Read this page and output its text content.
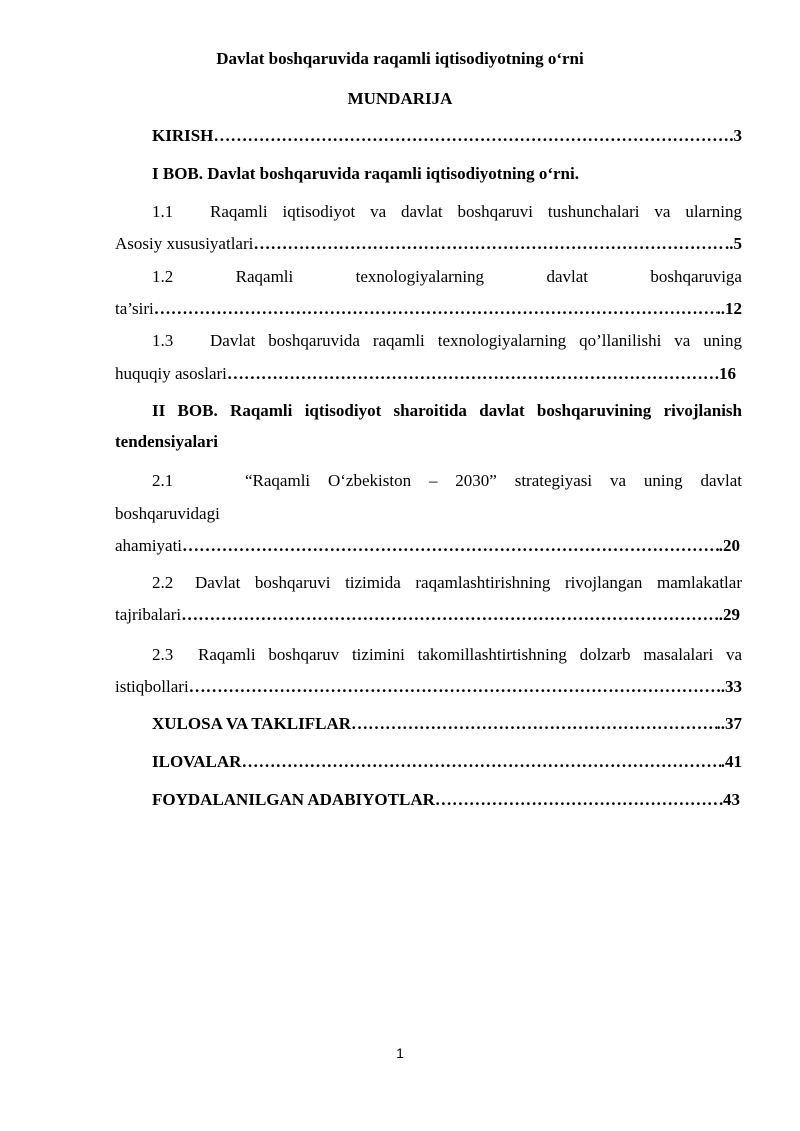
Davlat boshqaruvida raqamli iqtisodiyotning o‘rni
MUNDARIJA
KIRISH …………………………………………………………………………………………………………………………………………………	.3
I BOB. Davlat boshqaruvida raqamli iqtisodiyotning o‘rni.
1.1 Raqamli iqtisodiyot va davlat boshqaruvi tushunchalari va ularning
Asosiy xususiyatlari …………………………………………………………………………………………………………………………………………………	..5
1.2	Raqamli	texnologiyalarning	davlat	boshqaruviga
ta’siri …………………………………………………………………………………………………………………………………………………	..12
1.3 Davlat boshqaruvida raqamli texnologiyalarning qo’llanilishi va uning
huquqiy asoslari …………………………………………………………………………………………………………………………………………………	.16
II BOB. Raqamli iqtisodiyot sharoitida davlat boshqaruvining rivojlanish
tendensiyalari
2.1	“Raqamli O‘zbekiston – 2030” strategiyasi va uning davlat
boshqaruvidagi
ahamiyati …………………………………………………………………………………………………………………………………………………	.20
2.2 Davlat boshqaruvi tizimida raqamlashtirishning rivojlangan mamlakatlar
tajribalari …………………………………………………………………………………………………………………………………………………	.29
2.3 Raqamli boshqaruv tizimini takomillashtirtishning dolzarb masalalari va
istiqbollari …………………………………………………………………………………………………………………………………………………	..33
XULOSA VA TAKLIFLAR …………………………………………………………………………………………………………………………………………………	..37
ILOVALAR …………………………………………………………………………………………………………………………………………………	.41
FOYDALANILGAN ADABIYOTLAR …………………………………………………………………………………………………………………………………………………	43
1
